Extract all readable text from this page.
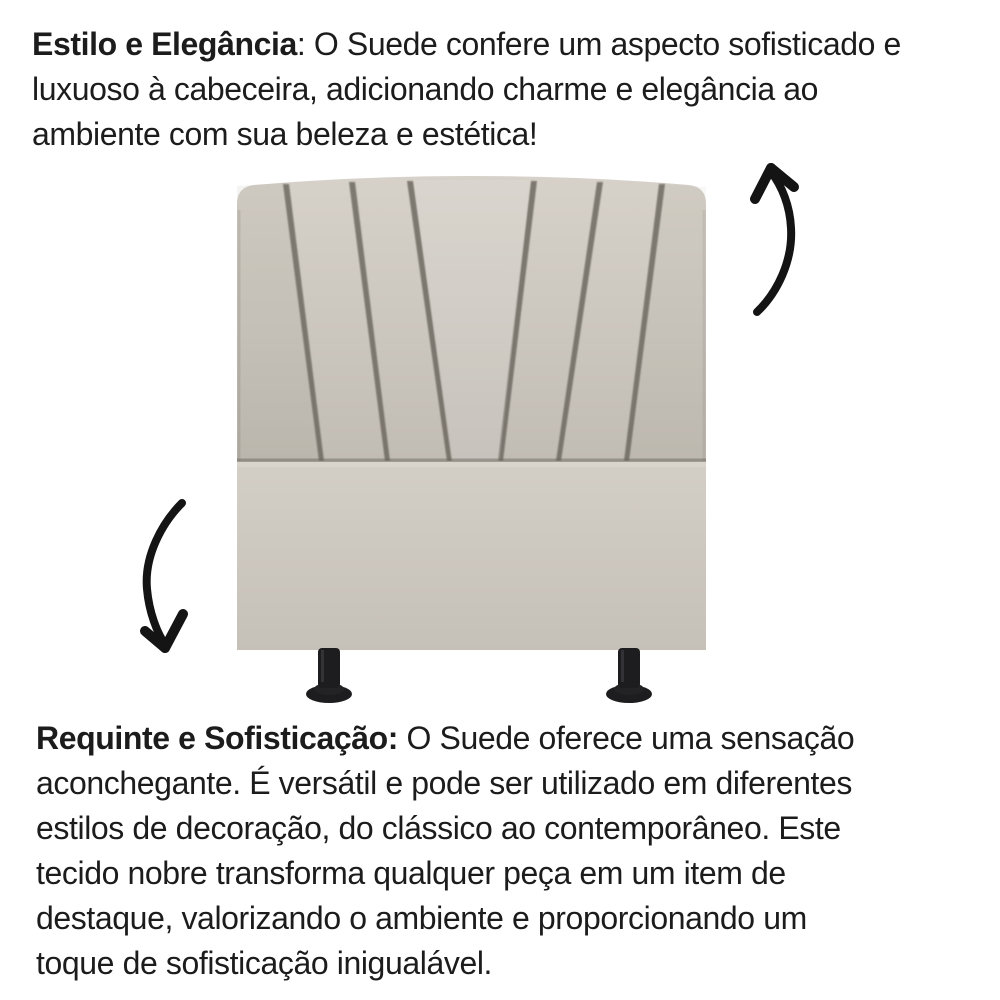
Estilo e Elegância: O Suede confere um aspecto sofisticado e
luxuoso à cabeceira, adicionando charme e elegância ao
ambiente com sua beleza e estética!
Requinte e Sofisticação: O Suede oferece uma sensação
aconchegante. É versátil e pode ser utilizado em diferentes
estilos de decoração, do clássico ao contemporâneo. Este
tecido nobre transforma qualquer peça em um item de
destaque, valorizando o ambiente e proporcionando um
toque de sofisticação inigualável.
